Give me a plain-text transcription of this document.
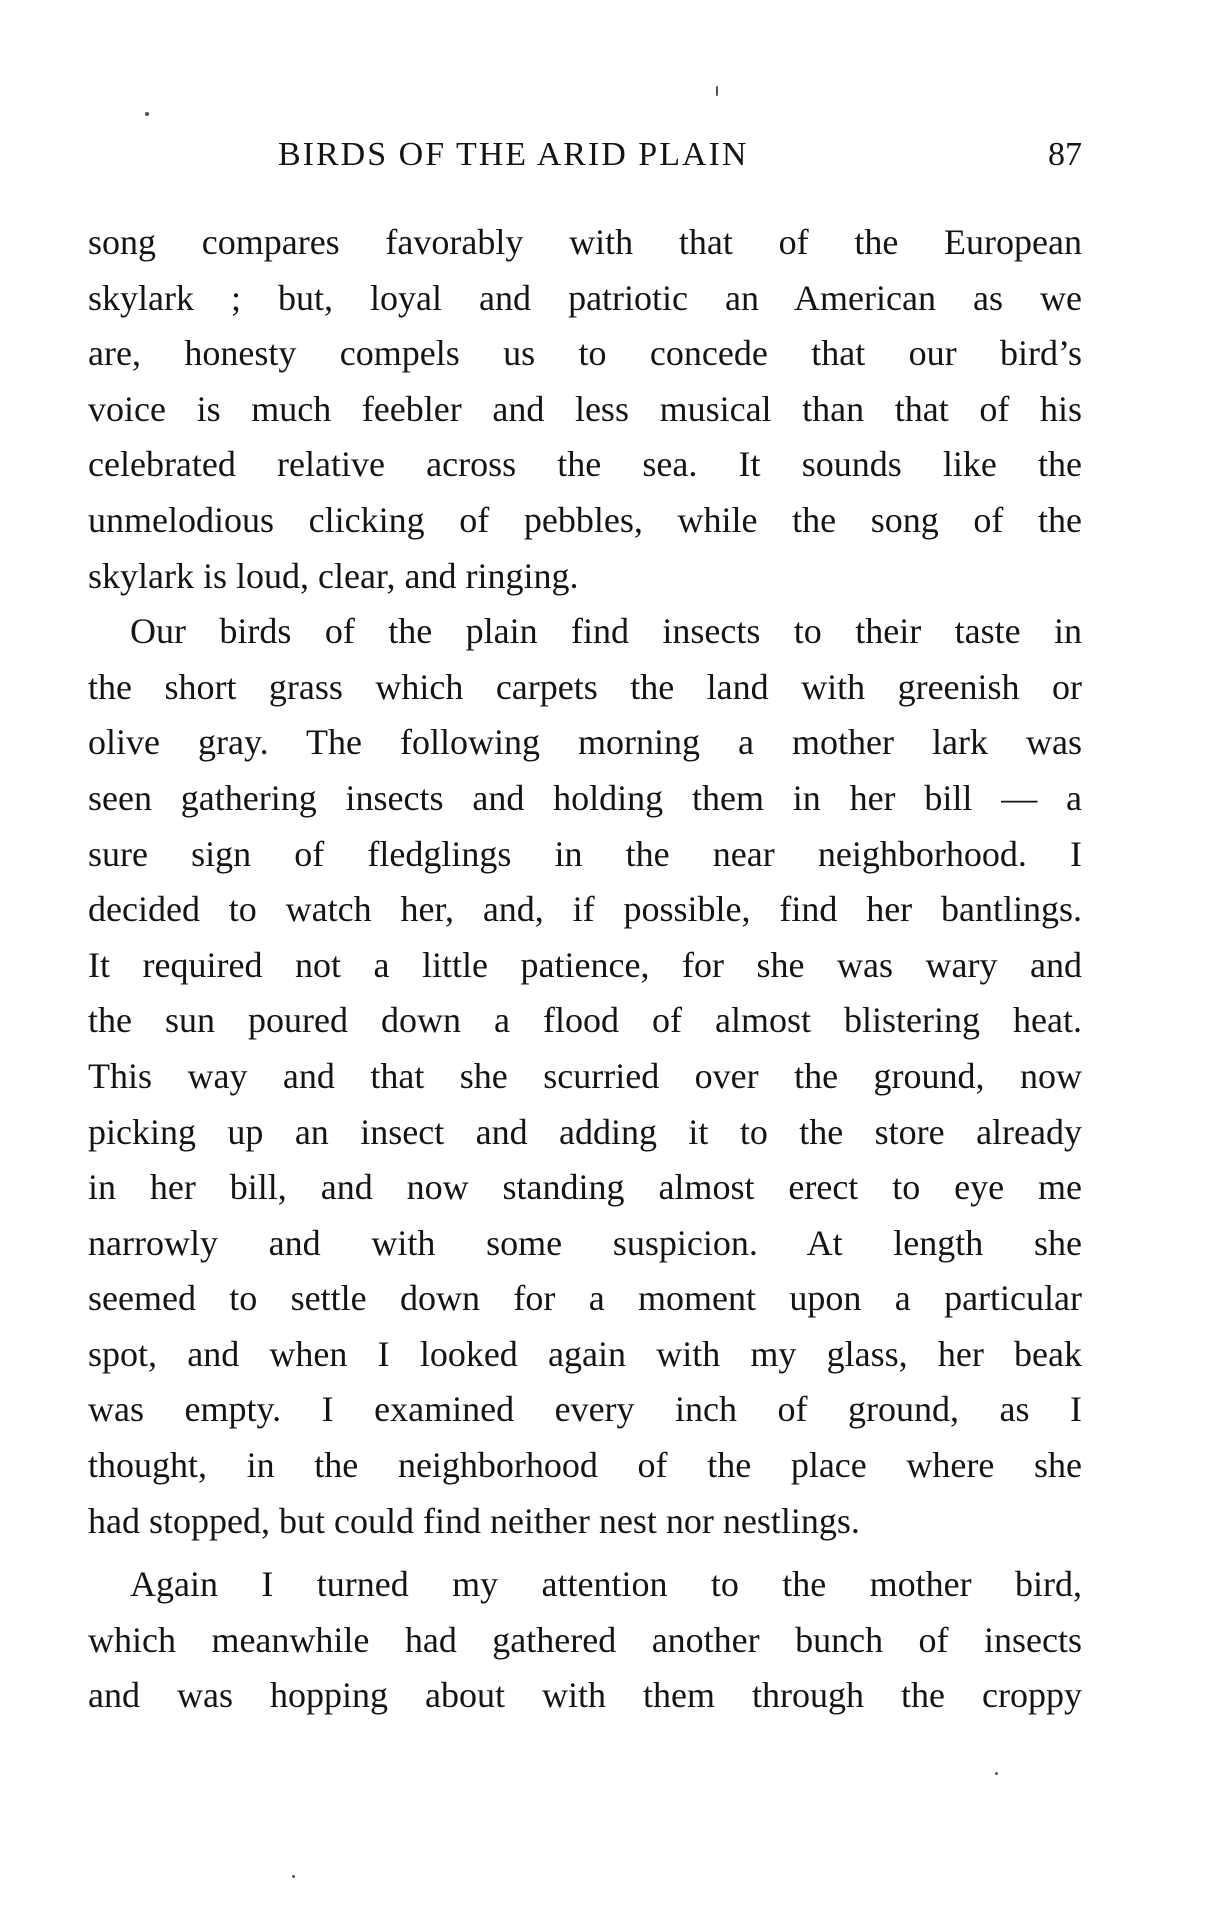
BIRDS OF THE ARID PLAIN	87
song compares favorably with that of the European
skylark ; but, loyal and patriotic an American as we
are, honesty compels us to concede that our bird’s
voice is much feebler and less musical than that of his
celebrated relative across the sea. It sounds like the
unmelodious clicking of pebbles, while the song of the
skylark is loud, clear, and ringing.
Our birds of the plain find insects to their taste in
the short grass which carpets the land with greenish or
olive gray. The following morning a mother lark was
seen gathering insects and holding them in her bill — a
sure sign of fledglings in the near neighborhood. I
decided to watch her, and, if possible, find her bantlings.
It required not a little patience, for she was wary and
the sun poured down a flood of almost blistering heat.
This way and that she scurried over the ground, now
picking up an insect and adding it to the store already
in her bill, and now standing almost erect to eye me
narrowly and with some suspicion. At length she
seemed to settle down for a moment upon a particular
spot, and when I looked again with my glass, her beak
was empty. I examined every inch of ground, as I
thought, in the neighborhood of the place where she
had stopped, but could find neither nest nor nestlings.
Again I turned my attention to the mother bird,
which meanwhile had gathered another bunch of insects
and was hopping about with them through the croppy
